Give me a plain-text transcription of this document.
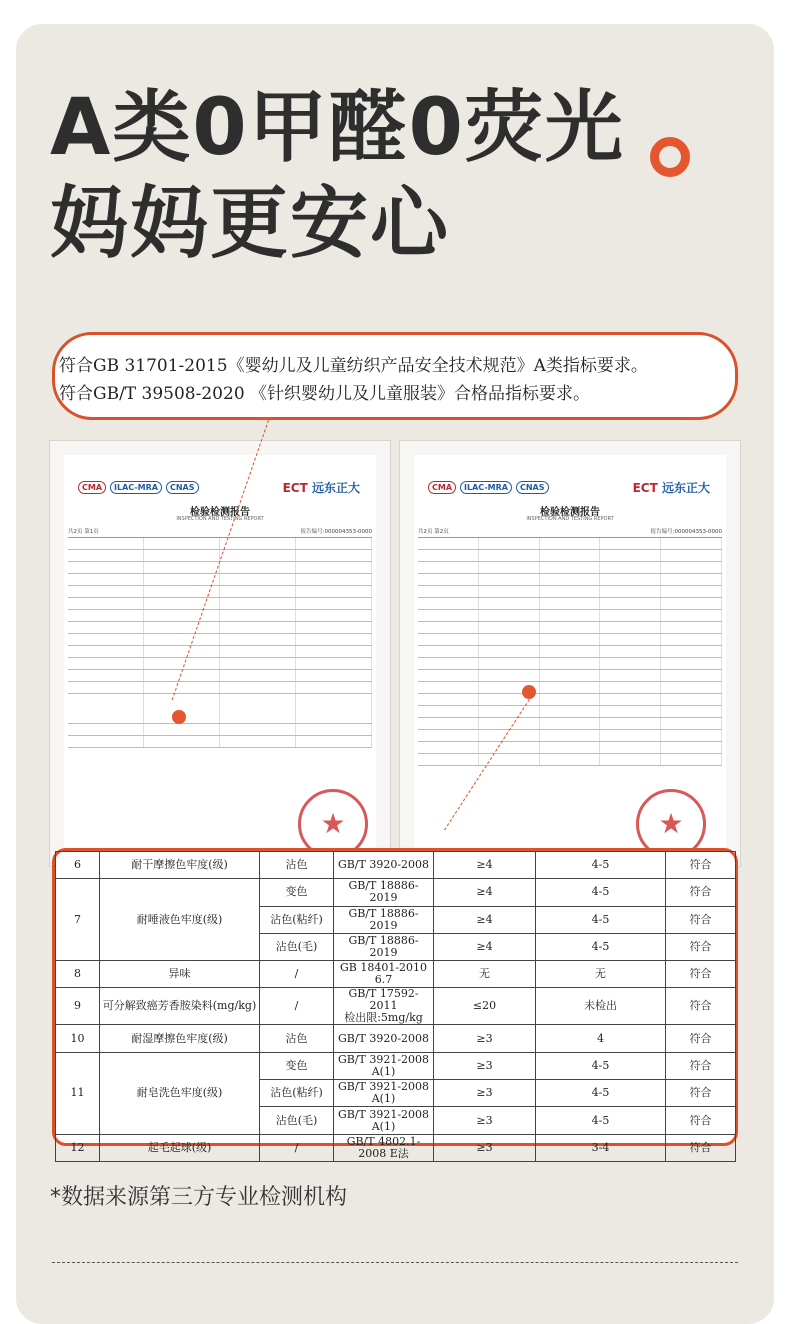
A类0甲醛0荧光
妈妈更安心
符合GB 31701-2015《婴幼儿及儿童纺织产品安全技术规范》A类指标要求。
符合GB/T 39508-2020 《针织婴幼儿及儿童服装》合格品指标要求。
CMA	ILAC-MRA	CNAS	ECT 远东正大
检验检测报告
INSPECTION AND TESTING REPORT
共2页 第1页	报告编号:000004353-0000
★
CMA	ILAC-MRA	CNAS	ECT 远东正大
检验检测报告
INSPECTION AND TESTING REPORT
共2页 第2页	报告编号:000004353-0000
★
6	耐干摩擦色牢度(级)	沾色	GB/T 3920-2008	≥4	4-5	符合
7	耐唾液色牢度(级)	变色	GB/T 18886-2019	≥4	4-5	符合
		沾色(粘纤)	GB/T 18886-2019	≥4	4-5	符合
		沾色(毛)	GB/T 18886-2019	≥4	4-5	符合
8	异味	/	GB 18401-2010 6.7	无	无	符合
9	可分解致癌芳香胺染料(mg/kg)	/	GB/T 17592-2011
检出限:5mg/kg	≤20	未检出	符合
10	耐湿摩擦色牢度(级)	沾色	GB/T 3920-2008	≥3	4	符合
11	耐皂洗色牢度(级)	变色	GB/T 3921-2008 A(1)	≥3	4-5	符合
		沾色(粘纤)	GB/T 3921-2008 A(1)	≥3	4-5	符合
		沾色(毛)	GB/T 3921-2008 A(1)	≥3	4-5	符合
12	起毛起球(级)	/	GB/T 4802.1-2008 E法	≥3	3-4	符合
*数据来源第三方专业检测机构
